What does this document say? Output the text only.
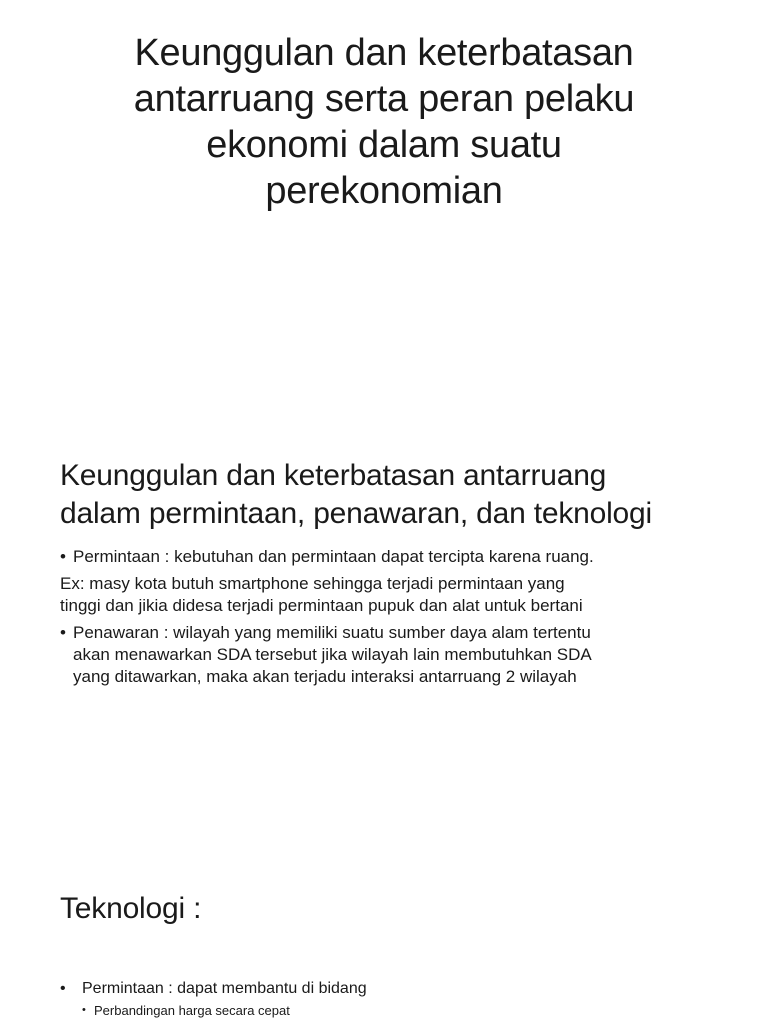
Keunggulan dan keterbatasan
antarruang serta peran pelaku
ekonomi dalam suatu
perekonomian
Keunggulan dan keterbatasan antarruang
dalam permintaan, penawaran, dan teknologi

• Permintaan : kebutuhan dan permintaan dapat tercipta karena ruang.

Ex: masy kota butuh smartphone sehingga terjadi permintaan yang
tinggi dan jikia didesa terjadi permintaan pupuk dan alat untuk bertani

• Penawaran : wilayah yang memiliki suatu sumber daya alam tertentu
akan menawarkan SDA tersebut jika wilayah lain membutuhkan SDA
yang ditawarkan, maka akan terjadu interaksi antarruang 2 wilayah

Teknologi :

• Permintaan : dapat membantu di bidang

• Perbandingan harga secara cepat
